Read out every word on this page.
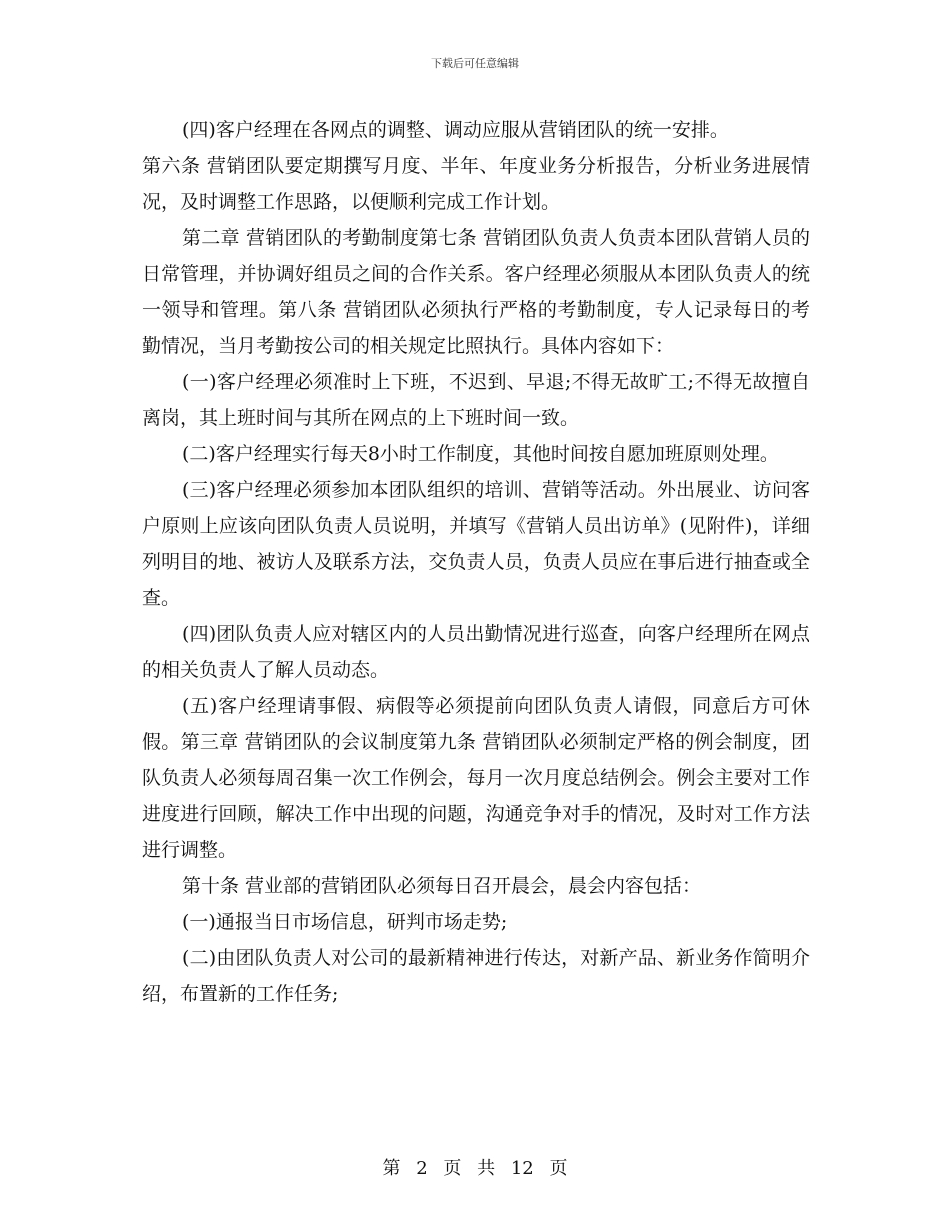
下载后可任意编辑

(四)客户经理在各网点的调整、调动应服从营销团队的统一安排。

第六条 营销团队要定期撰写月度、半年、年度业务分析报告，分析业务进展情况，及时调整工作思路，以便顺利完成工作计划。

第二章 营销团队的考勤制度第七条 营销团队负责人负责本团队营销人员的日常管理，并协调好组员之间的合作关系。客户经理必须服从本团队负责人的统一领导和管理。第八条 营销团队必须执行严格的考勤制度，专人记录每日的考勤情况，当月考勤按公司的相关规定比照执行。具体内容如下：

(一)客户经理必须准时上下班，不迟到、早退;不得无故旷工;不得无故擅自离岗，其上班时间与其所在网点的上下班时间一致。

(二)客户经理实行每天8小时工作制度，其他时间按自愿加班原则处理。

(三)客户经理必须参加本团队组织的培训、营销等活动。外出展业、访问客户原则上应该向团队负责人员说明，并填写《营销人员出访单》(见附件)，详细列明目的地、被访人及联系方法，交负责人员，负责人员应在事后进行抽查或全查。

(四)团队负责人应对辖区内的人员出勤情况进行巡查，向客户经理所在网点的相关负责人了解人员动态。

(五)客户经理请事假、病假等必须提前向团队负责人请假，同意后方可休假。第三章 营销团队的会议制度第九条 营销团队必须制定严格的例会制度，团队负责人必须每周召集一次工作例会，每月一次月度总结例会。例会主要对工作进度进行回顾，解决工作中出现的问题，沟通竞争对手的情况，及时对工作方法进行调整。

第十条 营业部的营销团队必须每日召开晨会，晨会内容包括：

(一)通报当日市场信息，研判市场走势;

(二)由团队负责人对公司的最新精神进行传达，对新产品、新业务作简明介绍，布置新的工作任务;

第 2 页 共 12 页
